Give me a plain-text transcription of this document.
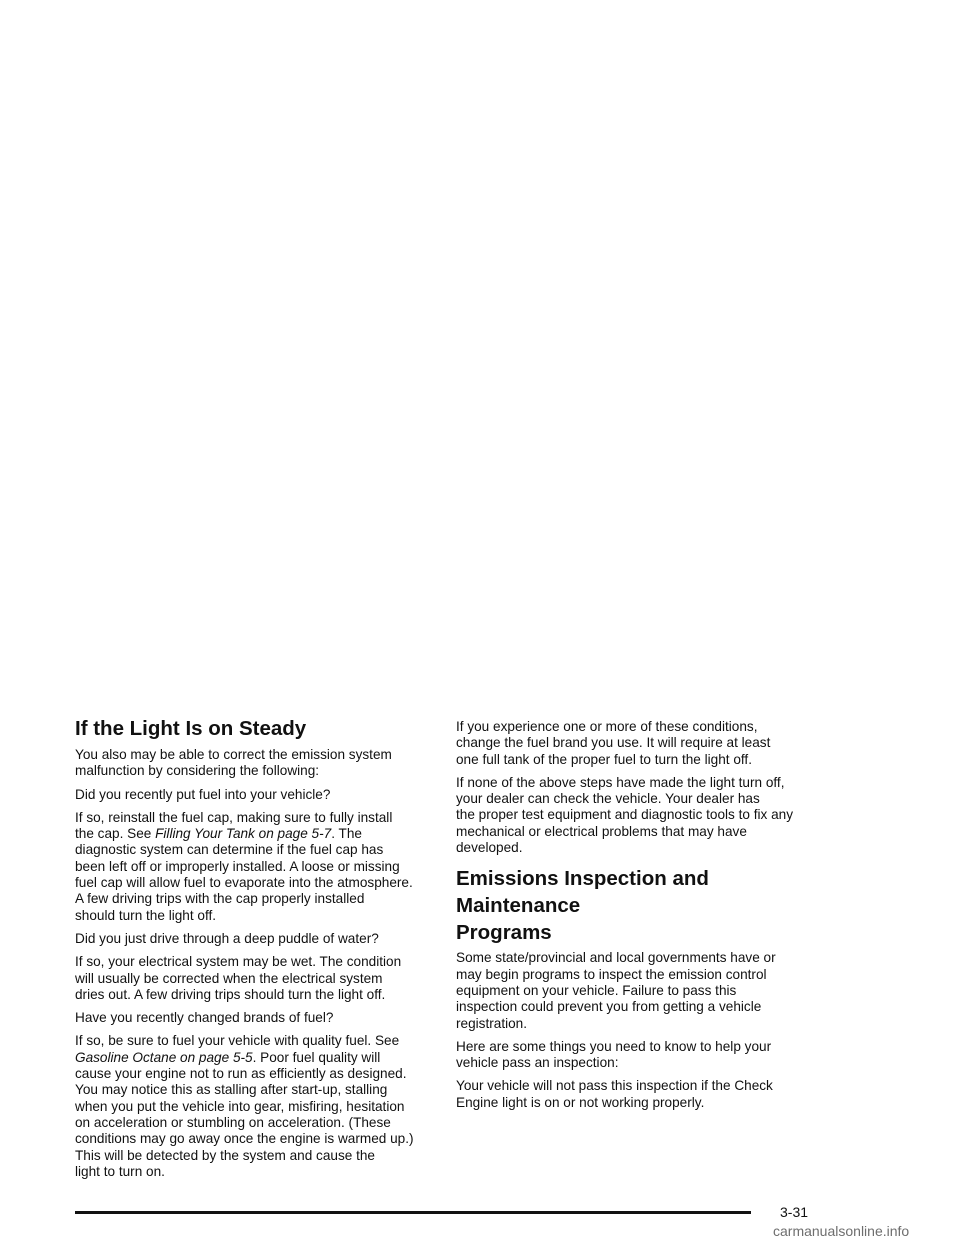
If the Light Is on Steady

You also may be able to correct the emission system
malfunction by considering the following:

Did you recently put fuel into your vehicle?

If so, reinstall the fuel cap, making sure to fully install
the cap. See Filling Your Tank on page 5-7. The
diagnostic system can determine if the fuel cap has
been left off or improperly installed. A loose or missing
fuel cap will allow fuel to evaporate into the atmosphere.
A few driving trips with the cap properly installed
should turn the light off.

Did you just drive through a deep puddle of water?

If so, your electrical system may be wet. The condition
will usually be corrected when the electrical system
dries out. A few driving trips should turn the light off.

Have you recently changed brands of fuel?

If so, be sure to fuel your vehicle with quality fuel. See
Gasoline Octane on page 5-5. Poor fuel quality will
cause your engine not to run as efficiently as designed.
You may notice this as stalling after start-up, stalling
when you put the vehicle into gear, misfiring, hesitation
on acceleration or stumbling on acceleration. (These
conditions may go away once the engine is warmed up.)
This will be detected by the system and cause the
light to turn on.

If you experience one or more of these conditions,
change the fuel brand you use. It will require at least
one full tank of the proper fuel to turn the light off.

If none of the above steps have made the light turn off,
your dealer can check the vehicle. Your dealer has
the proper test equipment and diagnostic tools to fix any
mechanical or electrical problems that may have
developed.

Emissions Inspection and Maintenance
Programs

Some state/provincial and local governments have or
may begin programs to inspect the emission control
equipment on your vehicle. Failure to pass this
inspection could prevent you from getting a vehicle
registration.

Here are some things you need to know to help your
vehicle pass an inspection:

Your vehicle will not pass this inspection if the Check
Engine light is on or not working properly.

3-31
carmanualsonline.info
